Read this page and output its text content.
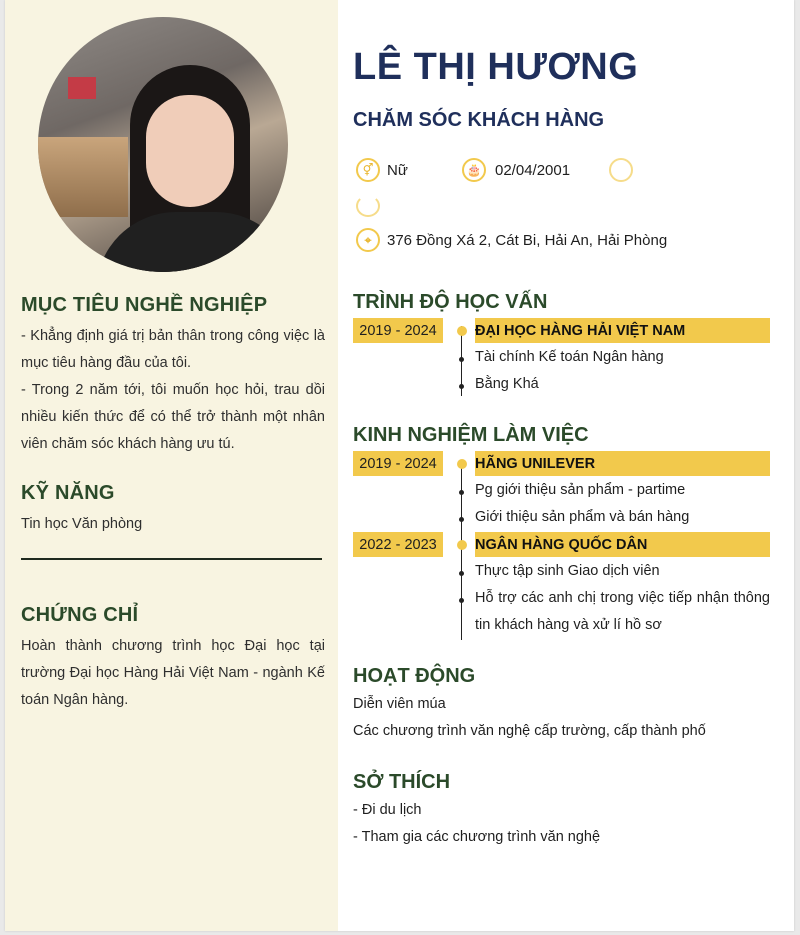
MỤC TIÊU NGHỀ NGHIỆP

- Khẳng định giá trị bản thân trong công việc là mục tiêu hàng đầu của tôi.

- Trong 2 năm tới, tôi muốn học hỏi, trau dồi nhiều kiến thức để có thể trở thành một nhân viên chăm sóc khách hàng ưu tú.

KỸ NĂNG

Tin học Văn phòng

CHỨNG CHỈ

Hoàn thành chương trình học Đại học tại trường Đại học Hàng Hải Việt Nam - ngành Kế toán Ngân hàng.

LÊ THỊ HƯƠNG
CHĂM SÓC KHÁCH HÀNG
⚥ Nữ	🎂 02/04/2001
⌖	376 Đồng Xá 2, Cát Bi, Hải An, Hải Phòng
TRÌNH ĐỘ HỌC VẤN
2019 - 2024	ĐẠI HỌC HÀNG HẢI VIỆT NAM
Tài chính Kế toán Ngân hàng
Bằng Khá
KINH NGHIỆM LÀM VIỆC
2019 - 2024	HÃNG UNILEVER
Pg giới thiệu sản phẩm - partime
Giới thiệu sản phẩm và bán hàng
2022 - 2023	NGÂN HÀNG QUỐC DÂN
Thực tập sinh Giao dịch viên
Hỗ trợ các anh chị trong việc tiếp nhận thông tin khách hàng và xử lí hồ sơ
HOẠT ĐỘNG
Diễn viên múa
Các chương trình văn nghệ cấp trường, cấp thành phố
SỞ THÍCH
- Đi du lịch
- Tham gia các chương trình văn nghệ
